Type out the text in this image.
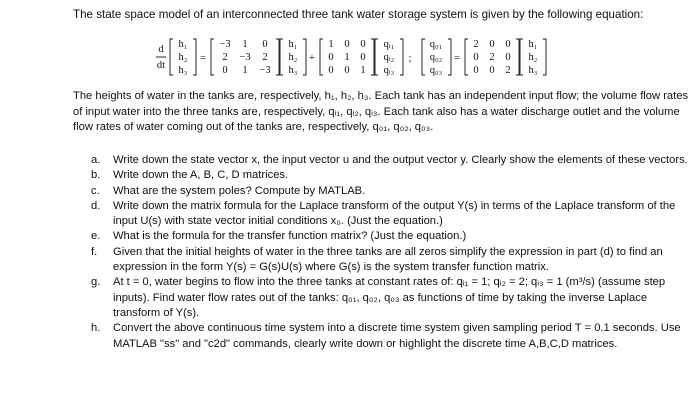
The state space model of an interconnected three tank water storage system is given by the following equation:
d
dt
h₁
h₂
h₃
=
−3 1 0
2 −3 2
0 1 −3
h₁
h₂
h₃
+
1 0 0
0 1 0
0 0 1
qᵢ₁
qᵢ₂
qᵢ₃
;
q₀₁
q₀₂
q₀₃
=
2 0 0
0 2 0
0 0 2
h₁
h₂
h₃
The heights of water in the tanks are, respectively, h₁, h₂, h₃. Each tank has an independent input flow; the volume flow rates of input water into the three tanks are, respectively, qᵢ₁, qᵢ₂, qᵢ₃. Each tank also has a water discharge outlet and the volume flow rates of water coming out of the tanks are, respectively, q₀₁, q₀₂, q₀₃.
a.	Write down the state vector x, the input vector u and the output vector y. Clearly show the elements of these vectors.
b.	Write down the A, B, C, D matrices.
c.	What are the system poles? Compute by MATLAB.
d.	Write down the matrix formula for the Laplace transform of the output Y(s) in terms of the Laplace transform of the input U(s) with state vector initial conditions x₀. (Just the equation.)
e.	What is the formula for the transfer function matrix? (Just the equation.)
f.	Given that the initial heights of water in the three tanks are all zeros simplify the expression in part (d) to find an expression in the form Y(s) = G(s)U(s) where G(s) is the system transfer function matrix.
g.	At t = 0, water begins to flow into the three tanks at constant rates of: qᵢ₁ = 1; qᵢ₂ = 2; qᵢ₃ = 1 (m³/s) (assume step inputs). Find water flow rates out of the tanks: q₀₁, q₀₂, q₀₃ as functions of time by taking the inverse Laplace transform of Y(s).
h.	Convert the above continuous time system into a discrete time system given sampling period T = 0.1 seconds. Use MATLAB "ss" and "c2d" commands, clearly write down or highlight the discrete time A,B,C,D matrices.
